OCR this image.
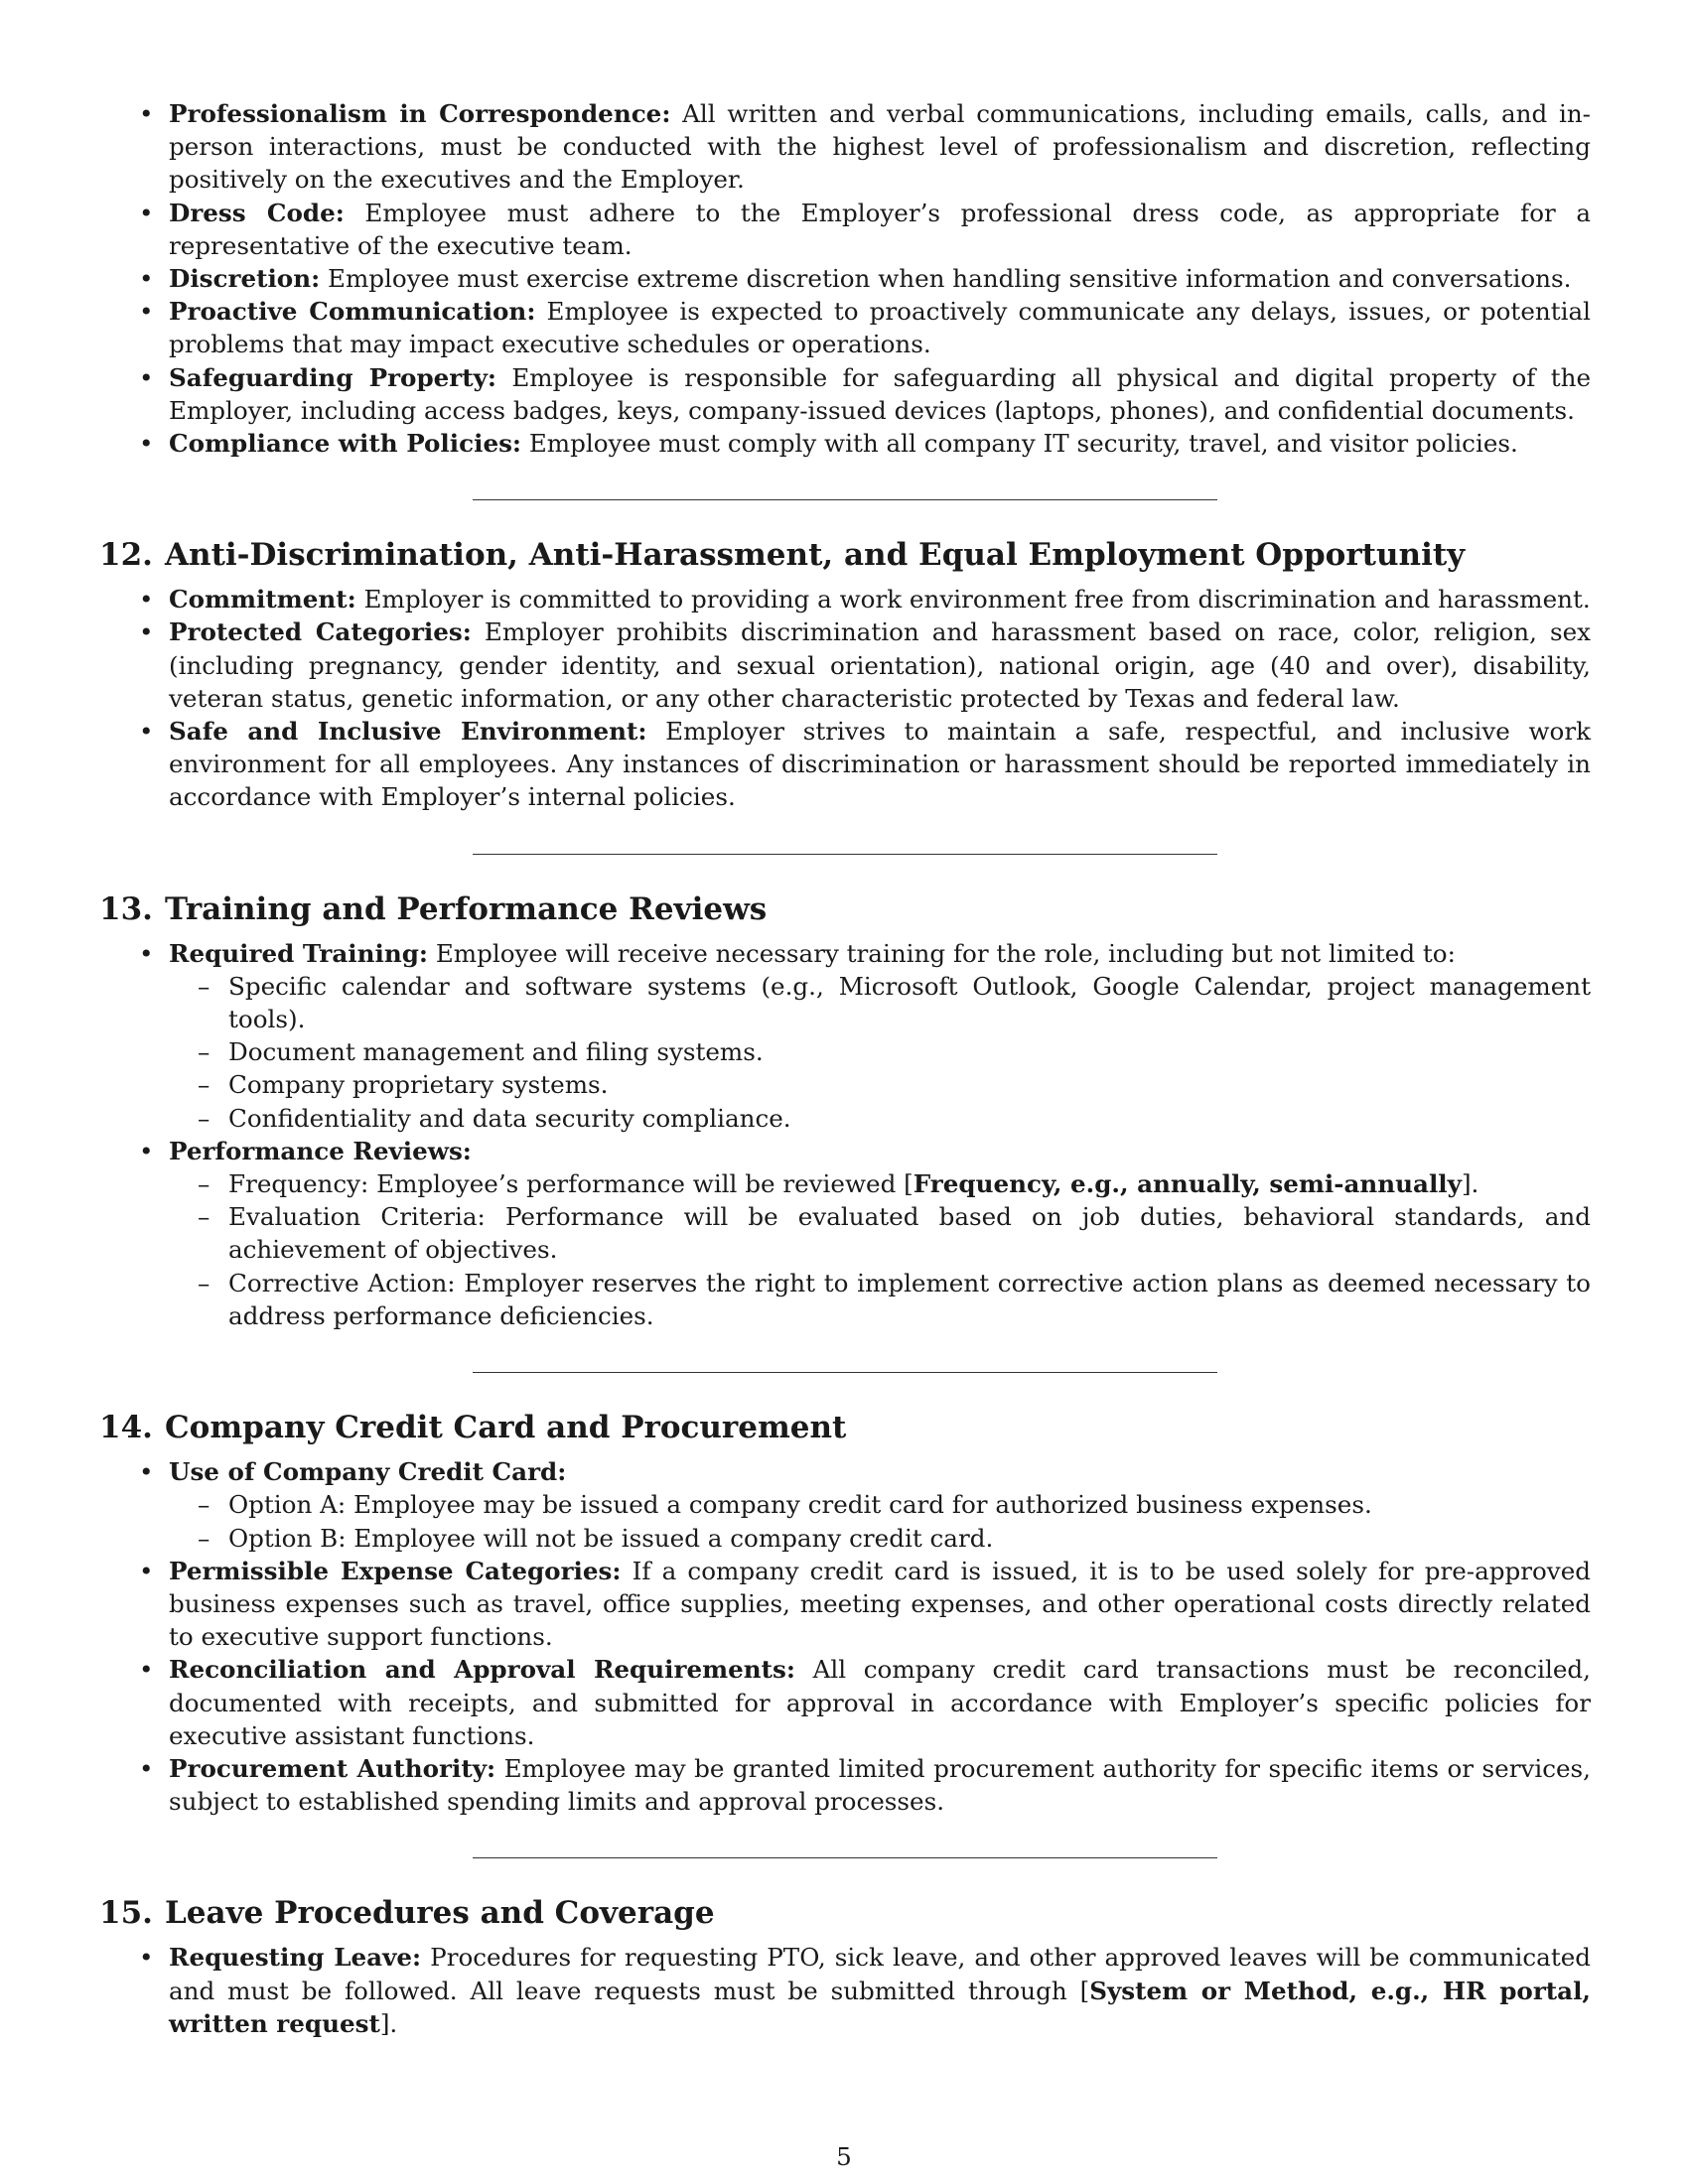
• Professionalism in Correspondence: All written and verbal communications, including emails, calls, and in-person interactions, must be conducted with the highest level of professionalism and discretion, reflecting positively on the executives and the Employer.
• Dress Code: Employee must adhere to the Employer’s professional dress code, as appropriate for a representative of the executive team.
• Discretion: Employee must exercise extreme discretion when handling sensitive information and conversations.
• Proactive Communication: Employee is expected to proactively communicate any delays, issues, or potential problems that may impact executive schedules or operations.
• Safeguarding Property: Employee is responsible for safeguarding all physical and digital property of the Employer, including access badges, keys, company-issued devices (laptops, phones), and confidential documents.
• Compliance with Policies: Employee must comply with all company IT security, travel, and visitor policies.
12. Anti-Discrimination, Anti-Harassment, and Equal Employment Opportunity
• Commitment: Employer is committed to providing a work environment free from discrimination and harassment.
• Protected Categories: Employer prohibits discrimination and harassment based on race, color, religion, sex (including pregnancy, gender identity, and sexual orientation), national origin, age (40 and over), disability, veteran status, genetic information, or any other characteristic protected by Texas and federal law.
• Safe and Inclusive Environment: Employer strives to maintain a safe, respectful, and inclusive work environment for all employees. Any instances of discrimination or harassment should be reported immediately in accordance with Employer’s internal policies.
13. Training and Performance Reviews
• Required Training: Employee will receive necessary training for the role, including but not limited to:
– Specific calendar and software systems (e.g., Microsoft Outlook, Google Calendar, project management tools).
– Document management and filing systems.
– Company proprietary systems.
– Confidentiality and data security compliance.
• Performance Reviews:
– Frequency: Employee’s performance will be reviewed [Frequency, e.g., annually, semi-annually].
– Evaluation Criteria: Performance will be evaluated based on job duties, behavioral standards, and achievement of objectives.
– Corrective Action: Employer reserves the right to implement corrective action plans as deemed necessary to address performance deficiencies.
14. Company Credit Card and Procurement
• Use of Company Credit Card:
– Option A: Employee may be issued a company credit card for authorized business expenses.
– Option B: Employee will not be issued a company credit card.
• Permissible Expense Categories: If a company credit card is issued, it is to be used solely for pre-approved business expenses such as travel, office supplies, meeting expenses, and other operational costs directly related to executive support functions.
• Reconciliation and Approval Requirements: All company credit card transactions must be reconciled, documented with receipts, and submitted for approval in accordance with Employer’s specific policies for executive assistant functions.
• Procurement Authority: Employee may be granted limited procurement authority for specific items or services, subject to established spending limits and approval processes.
15. Leave Procedures and Coverage
• Requesting Leave: Procedures for requesting PTO, sick leave, and other approved leaves will be communicated and must be followed. All leave requests must be submitted through [System or Method, e.g., HR portal, written request].
5
